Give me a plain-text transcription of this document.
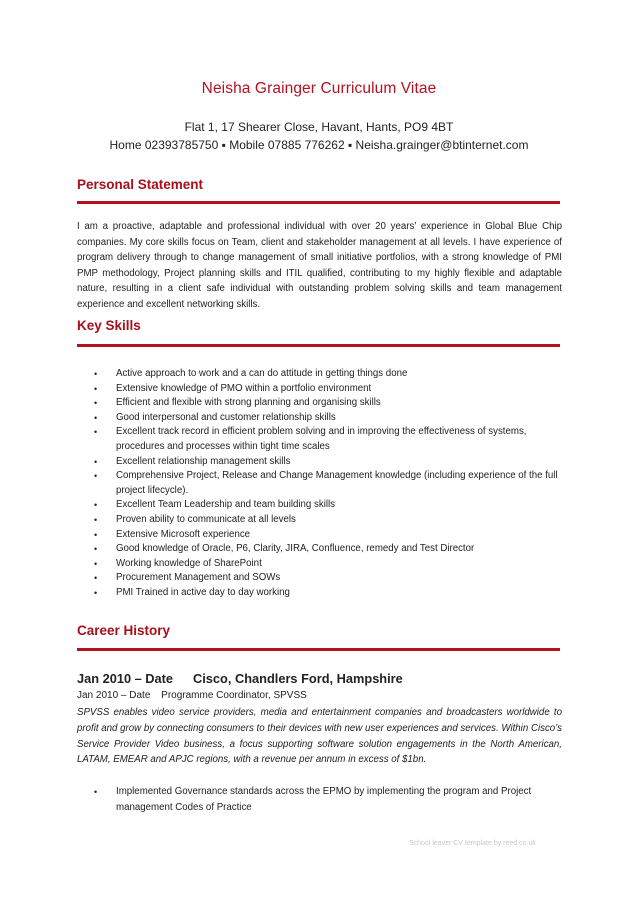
Neisha Grainger Curriculum Vitae
Flat 1, 17 Shearer Close, Havant, Hants, PO9 4BT
Home 02393785750 ▪ Mobile 07885 776262 ▪ Neisha.grainger@btinternet.com
Personal Statement

I am a proactive, adaptable and professional individual with over 20 years’ experience in Global Blue Chip companies. My core skills focus on Team, client and stakeholder management at all levels. I have experience of program delivery through to change management of small initiative portfolios, with a strong knowledge of PMI PMP methodology, Project planning skills and ITIL qualified, contributing to my highly flexible and adaptable nature, resulting in a client safe individual with outstanding problem solving skills and team management experience and excellent networking skills.

Key Skills
• Active approach to work and a can do attitude in getting things done
• Extensive knowledge of PMO within a portfolio environment
• Efficient and flexible with strong planning and organising skills
• Good interpersonal and customer relationship skills
• Excellent track record in efficient problem solving and in improving the effectiveness of systems, procedures and processes within tight time scales
• Excellent relationship management skills
• Comprehensive Project, Release and Change Management knowledge (including experience of the full project lifecycle).
• Excellent Team Leadership and team building skills
• Proven ability to communicate at all levels
• Extensive Microsoft experience
• Good knowledge of Oracle, P6, Clarity, JIRA, Confluence, remedy and Test Director
• Working knowledge of SharePoint
• Procurement Management and SOWs
• PMI Trained in active day to day working
Career History
Jan 2010 – Date Cisco, Chandlers Ford, Hampshire
Jan 2010 – Date Programme Coordinator, SPVSS

SPVSS enables video service providers, media and entertainment companies and broadcasters worldwide to profit and grow by connecting consumers to their devices with new user experiences and services. Within Cisco’s Service Provider Video business, a focus supporting software solution engagements in the North American, LATAM, EMEAR and APJC regions, with a revenue per annum in excess of $1bn.

• Implemented Governance standards across the EPMO by implementing the program and Project management Codes of Practice
School leaver CV template by reed.co.uk
